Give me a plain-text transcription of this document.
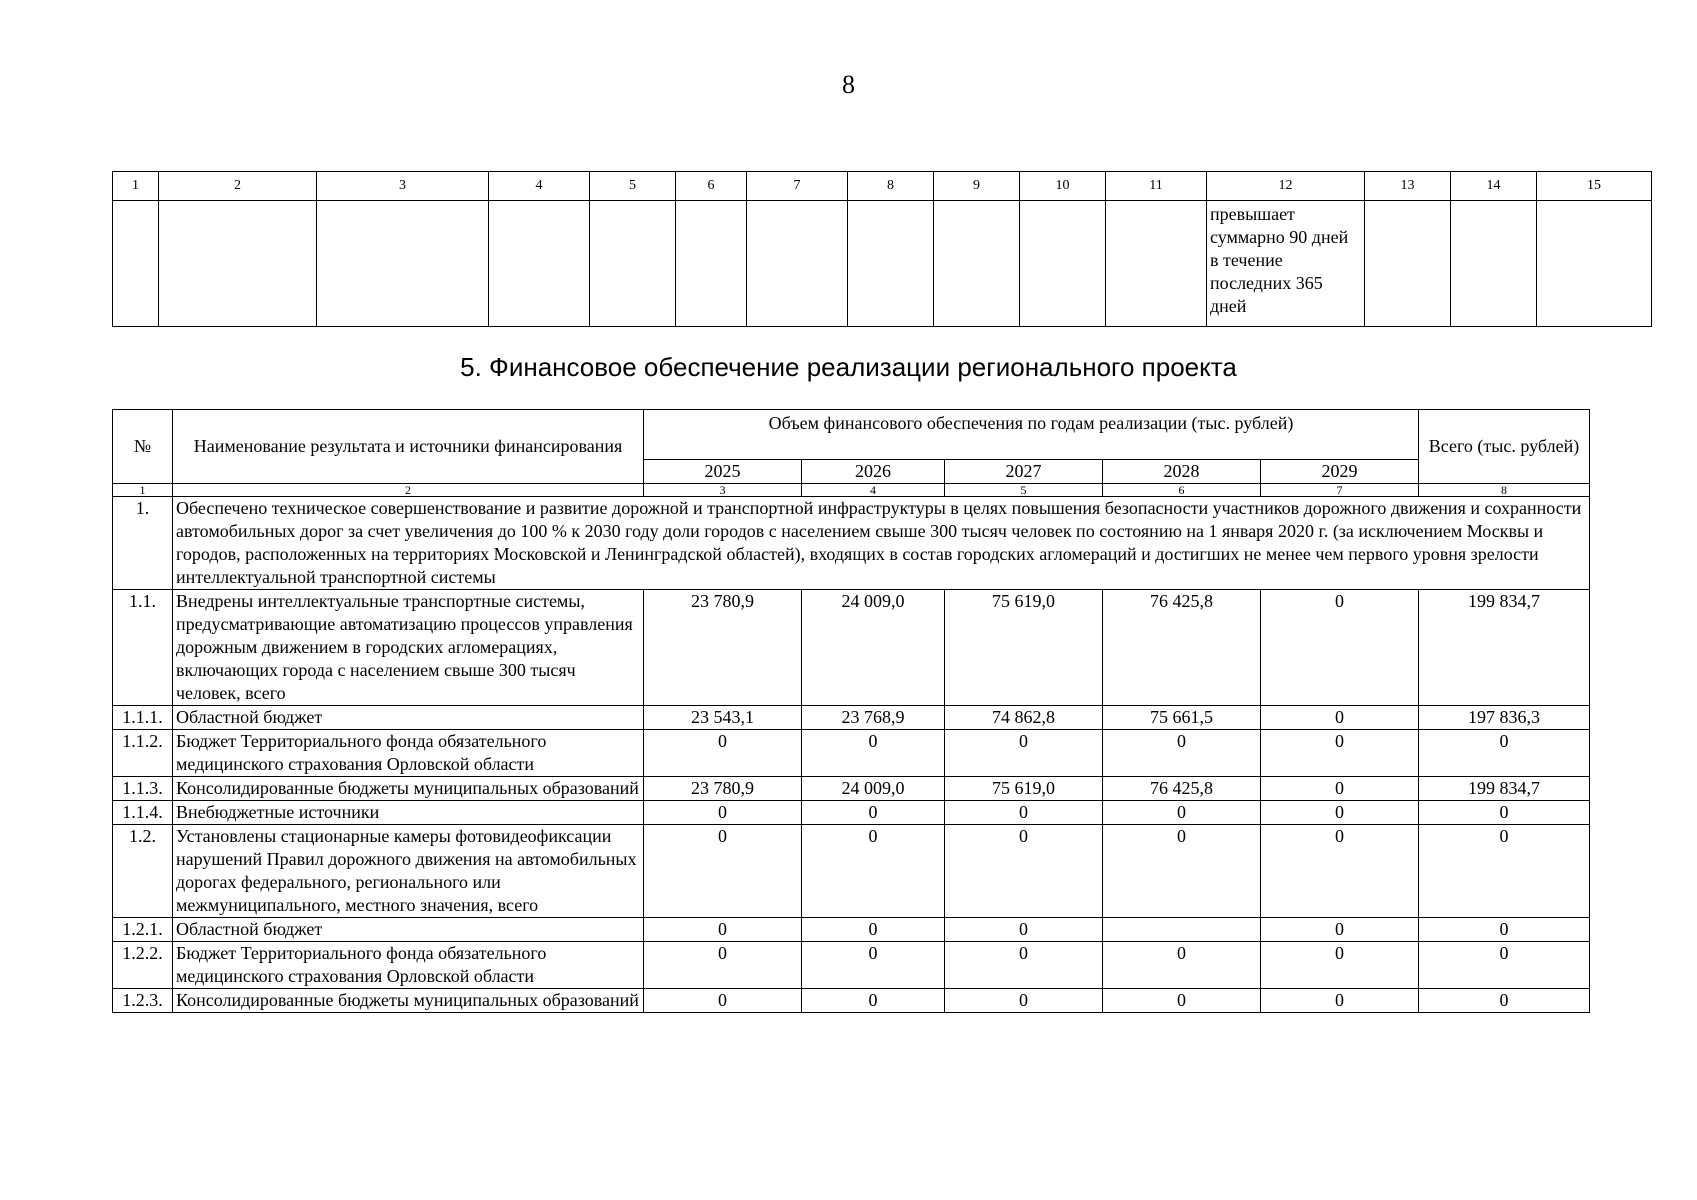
8
1	2	3	4	5	6	7	8	9	10	11	12	13	14	15

											превышает суммарно 90 дней в течение последних 365 дней			

5. Финансовое обеспечение реализации регионального проекта
№	Наименование результата и источники финансирования	Объем финансового обеспечения по годам реализации (тыс. рублей)					Всего (тыс. рублей)
		2025	2026	2027	2028	2029	
1	2	3	4	5	6	7	8
1.	Обеспечено техническое совершенствование и развитие дорожной и транспортной инфраструктуры в целях повышения безопасности участников дорожного движения и сохранности автомобильных дорог за счет увеличения до 100 % к 2030 году доли городов с населением свыше 300 тысяч человек по состоянию на 1 января 2020 г. (за исключением Москвы и городов, расположенных на территориях Московской и Ленинградской областей), входящих в состав городских агломераций и достигших не менее чем первого уровня зрелости интеллектуальной транспортной системы						
1.1.	Внедрены интеллектуальные транспортные системы, предусматривающие автоматизацию процессов управления дорожным движением в городских агломерациях, включающих города с населением свыше 300 тысяч человек, всего	23 780,9	24 009,0	75 619,0	76 425,8	0	199 834,7
1.1.1.	Областной бюджет	23 543,1	23 768,9	74 862,8	75 661,5	0	197 836,3
1.1.2.	Бюджет Территориального фонда обязательного медицинского страхования Орловской области	0	0	0	0	0	0
1.1.3.	Консолидированные бюджеты муниципальных образований	23 780,9	24 009,0	75 619,0	76 425,8	0	199 834,7
1.1.4.	Внебюджетные источники	0	0	0	0	0	0
1.2.	Установлены стационарные камеры фотовидеофиксации нарушений Правил дорожного движения на автомобильных дорогах федерального, регионального или межмуниципального, местного значения, всего	0	0	0	0	0	0
1.2.1.	Областной бюджет	0	0	0		0	0
1.2.2.	Бюджет Территориального фонда обязательного медицинского страхования Орловской области	0	0	0	0	0	0
1.2.3.	Консолидированные бюджеты муниципальных образований	0	0	0	0	0	0
